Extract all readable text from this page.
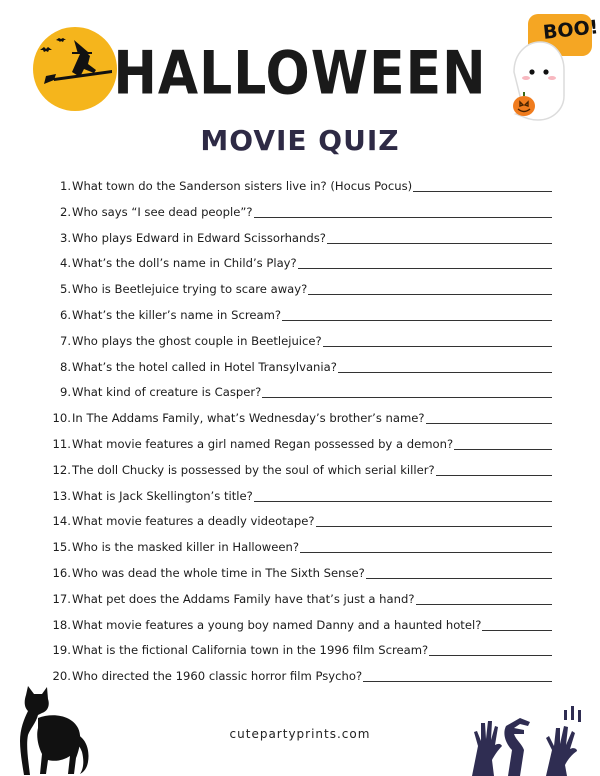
BOO!
HALLOWEEN
MOVIE QUIZ
1. What town do the Sanderson sisters live in? (Hocus Pocus)
2. Who says “I see dead people”?
3. Who plays Edward in Edward Scissorhands?
4. What’s the doll’s name in Child’s Play?
5. Who is Beetlejuice trying to scare away?
6. What’s the killer’s name in Scream?
7. Who plays the ghost couple in Beetlejuice?
8. What’s the hotel called in Hotel Transylvania?
9. What kind of creature is Casper?
10. In The Addams Family, what’s Wednesday’s brother’s name?
11. What movie features a girl named Regan possessed by a demon?
12. The doll Chucky is possessed by the soul of which serial killer?
13. What is Jack Skellington’s title?
14. What movie features a deadly videotape?
15. Who is the masked killer in Halloween?
16. Who was dead the whole time in The Sixth Sense?
17. What pet does the Addams Family have that’s just a hand?
18. What movie features a young boy named Danny and a haunted hotel?
19. What is the fictional California town in the 1996 film Scream?
20. Who directed the 1960 classic horror film Psycho?
cutepartyprints.com
